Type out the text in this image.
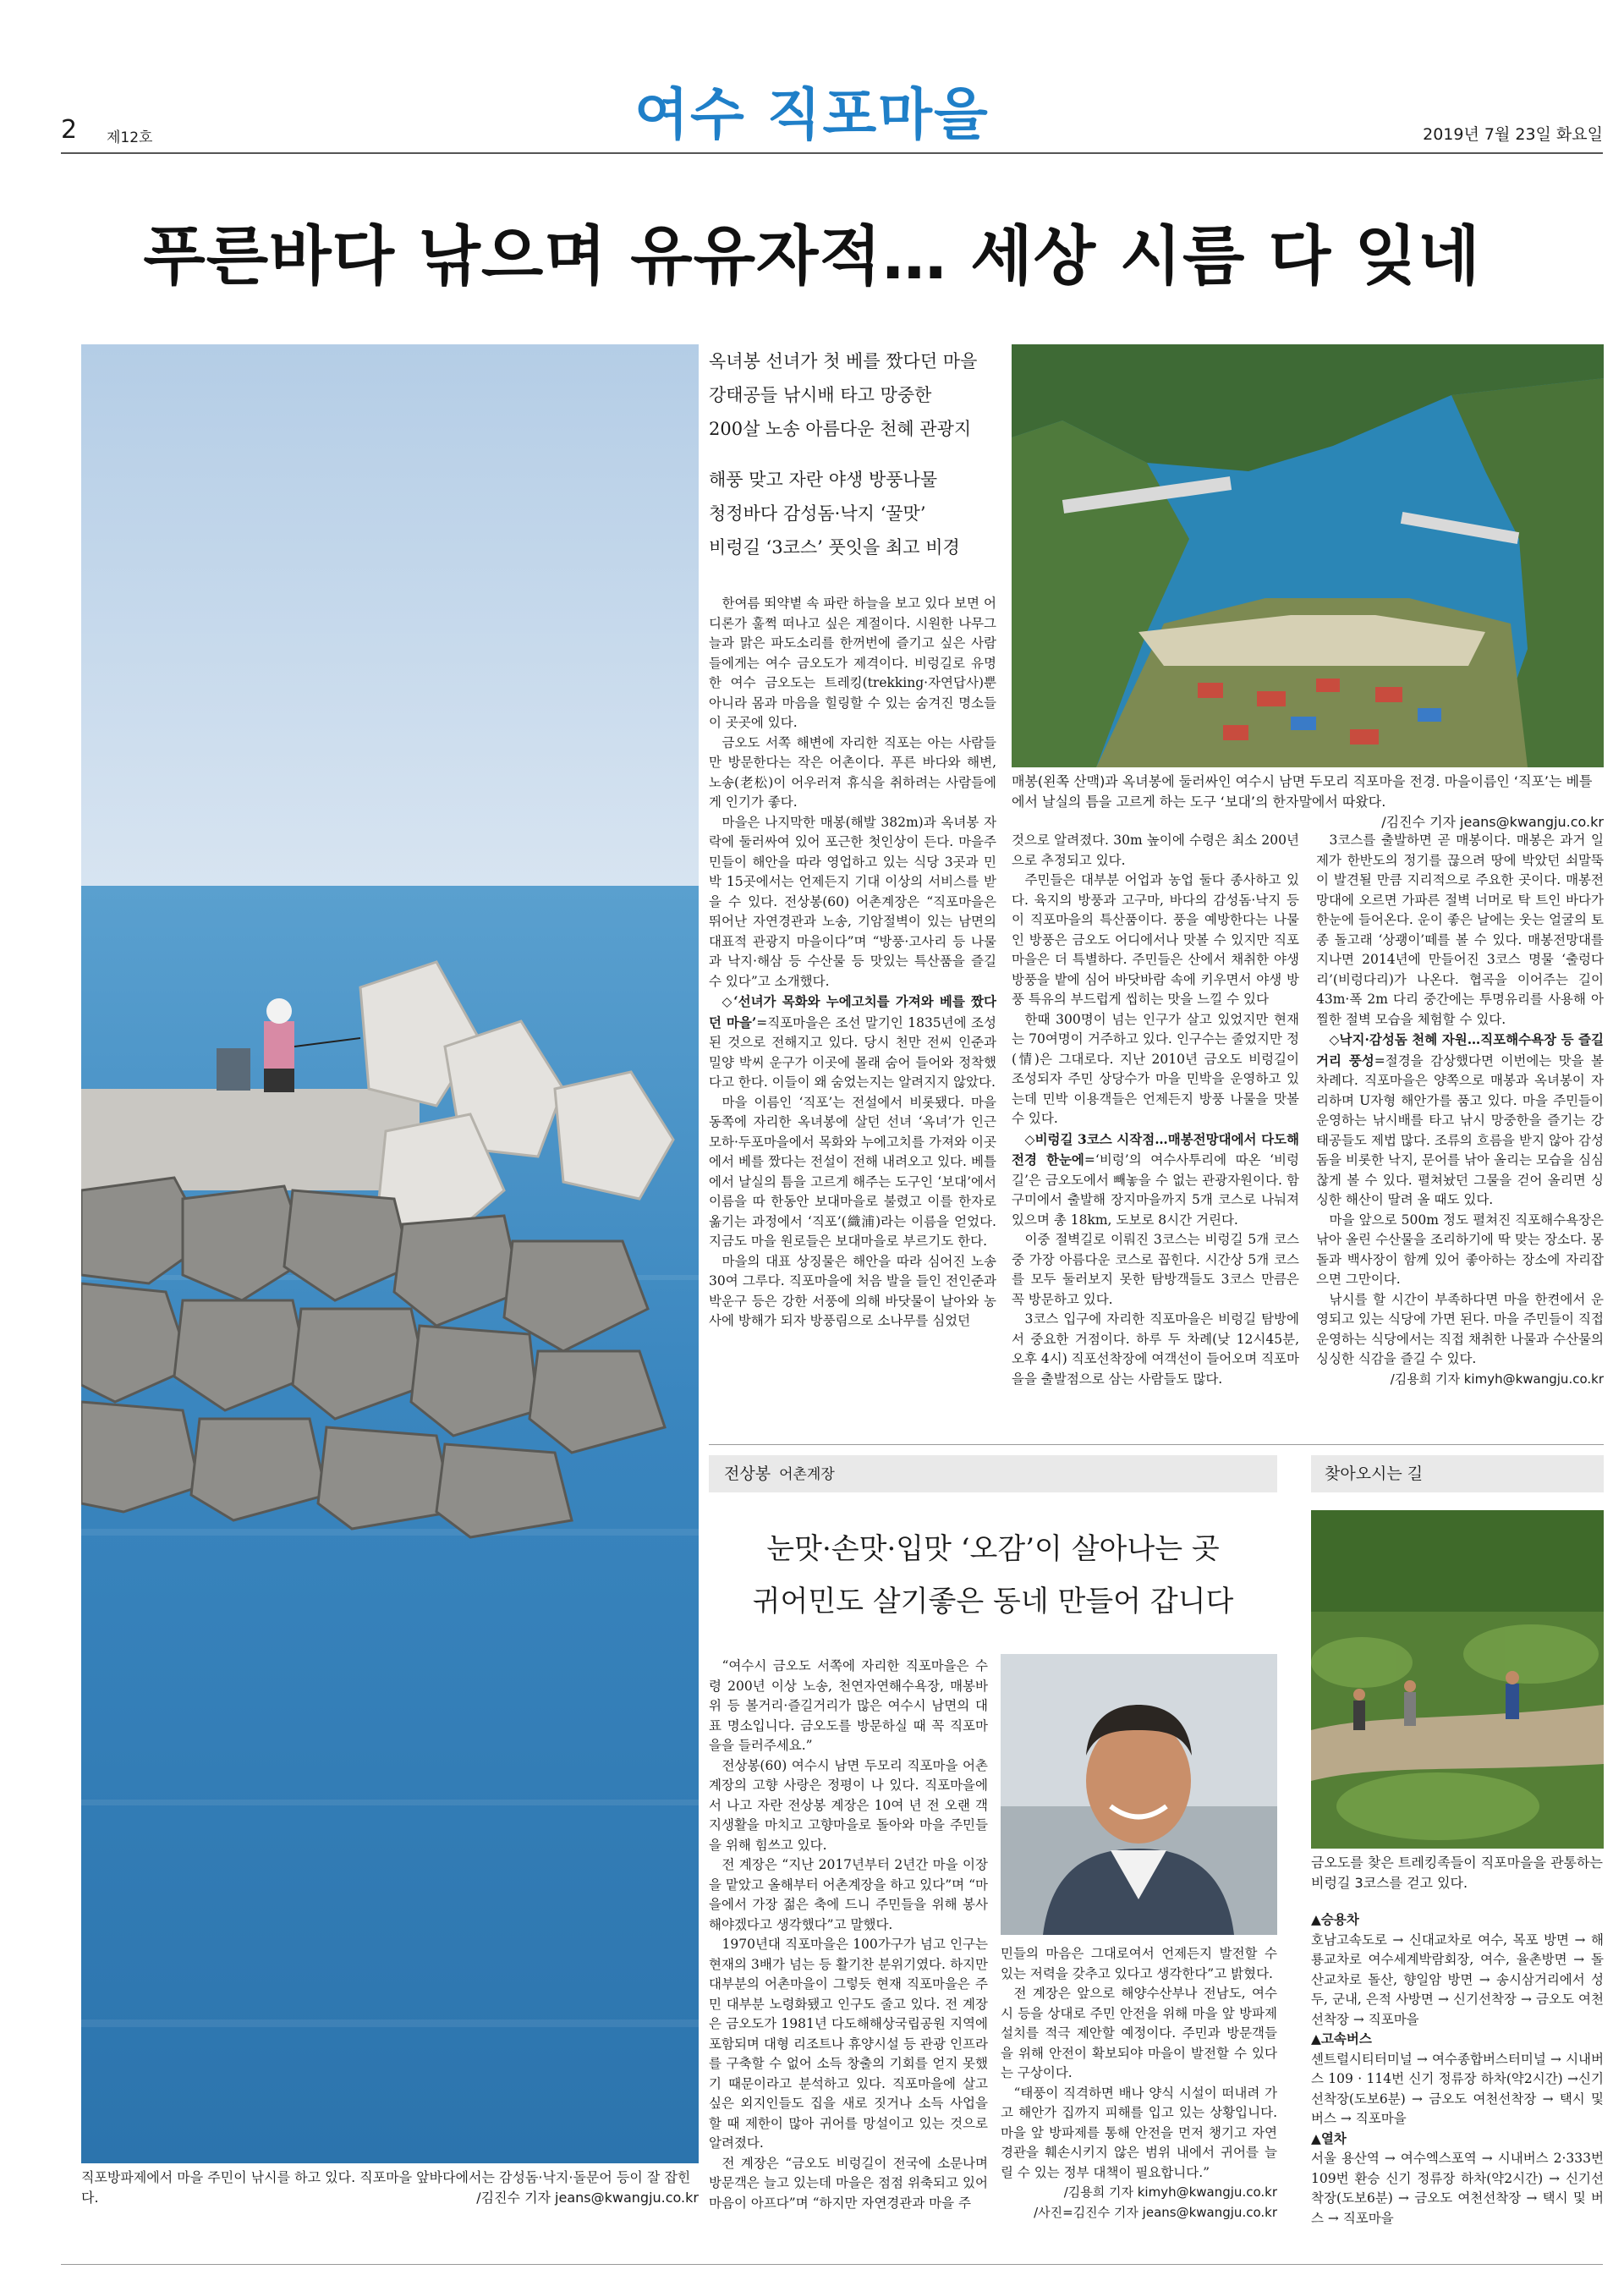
2 제12호	여수 직포마을	2019년 7월 23일 화요일
푸른바다 낚으며 유유자적… 세상 시름 다 잊네
직포방파제에서 마을 주민이 낚시를 하고 있다. 직포마을 앞바다에서는 감성돔·낙지·돌문어 등이 잘 잡힌다.	/김진수 기자 jeans@kwangju.co.kr
옥녀봉 선녀가 첫 베를 짰다던 마을
강태공들 낚시배 타고 망중한
200살 노송 아름다운 천혜 관광지
해풍 맞고 자란 야생 방풍나물
청정바다 감성돔·낙지 ‘꿀맛’
비렁길 ‘3코스’ 풋잇을 최고 비경
매봉(왼쪽 산맥)과 옥녀봉에 둘러싸인 여수시 남면 두모리 직포마을 전경. 마을이름인 ‘직포’는 베틀에서 날실의 틈을 고르게 하는 도구 ‘보대’의 한자말에서 따왔다.
/김진수 기자 jeans@kwangju.co.kr

한여름 뙤약볕 속 파란 하늘을 보고 있다 보면 어디론가 훌쩍 떠나고 싶은 계절이다. 시원한 나무그늘과 맑은 파도소리를 한꺼번에 즐기고 싶은 사람들에게는 여수 금오도가 제격이다. 비렁길로 유명한 여수 금오도는 트레킹(trekking·자연답사)뿐 아니라 몸과 마음을 힐링할 수 있는 숨겨진 명소들이 곳곳에 있다.

금오도 서쪽 해변에 자리한 직포는 아는 사람들만 방문한다는 작은 어촌이다. 푸른 바다와 해변, 노송(老松)이 어우러져 휴식을 취하려는 사람들에게 인기가 좋다.

마을은 나지막한 매봉(해발 382m)과 옥녀봉 자락에 둘러싸여 있어 포근한 첫인상이 든다. 마을주민들이 해안을 따라 영업하고 있는 식당 3곳과 민박 15곳에서는 언제든지 기대 이상의 서비스를 받을 수 있다. 전상봉(60) 어촌계장은 “직포마을은 뛰어난 자연경관과 노송, 기암절벽이 있는 남면의 대표적 관광지 마을이다”며 “방풍·고사리 등 나물과 낙지·해삼 등 수산물 등 맛있는 특산품을 즐길 수 있다”고 소개했다.

◇‘선녀가 목화와 누에고치를 가져와 베를 짰다던 마을’=직포마을은 조선 말기인 1835년에 조성된 것으로 전해지고 있다. 당시 천만 전씨 인준과 밀양 박씨 운구가 이곳에 몰래 숨어 들어와 정착했다고 한다. 이들이 왜 숨었는지는 알려지지 않았다.

마을 이름인 ‘직포’는 전설에서 비롯됐다. 마을 동쪽에 자리한 옥녀봉에 살던 선녀 ‘옥녀’가 인근 모하·두포마을에서 목화와 누에고치를 가져와 이곳에서 베를 짰다는 전설이 전해 내려오고 있다. 베틀에서 날실의 틈을 고르게 해주는 도구인 ‘보대’에서 이름을 따 한동안 보대마을로 불렸고 이를 한자로 옮기는 과정에서 ‘직포’(織浦)라는 이름을 얻었다. 지금도 마을 원로들은 보대마을로 부르기도 한다.

마을의 대표 상징물은 해안을 따라 심어진 노송 30여 그루다. 직포마을에 처음 발을 들인 전인준과 박운구 등은 강한 서풍에 의해 바닷물이 날아와 농사에 방해가 되자 방풍림으로 소나무를 심었던

것으로 알려졌다. 30m 높이에 수령은 최소 200년으로 추정되고 있다.

주민들은 대부분 어업과 농업 둘다 종사하고 있다. 육지의 방풍과 고구마, 바다의 감성돔·낙지 등이 직포마을의 특산품이다. 풍을 예방한다는 나물인 방풍은 금오도 어디에서나 맛볼 수 있지만 직포마을은 더 특별하다. 주민들은 산에서 채취한 야생 방풍을 밭에 심어 바닷바람 속에 키우면서 야생 방풍 특유의 부드럽게 씹히는 맛을 느낄 수 있다

한때 300명이 넘는 인구가 살고 있었지만 현재는 70여명이 거주하고 있다. 인구수는 줄었지만 정(情)은 그대로다. 지난 2010년 금오도 비렁길이 조성되자 주민 상당수가 마을 민박을 운영하고 있는데 민박 이용객들은 언제든지 방풍 나물을 맛볼 수 있다.

◇비렁길 3코스 시작점…매봉전망대에서 다도해 전경 한눈에=‘비렁’의 여수사투리에 따온 ‘비렁길’은 금오도에서 빼놓을 수 없는 관광자원이다. 함구미에서 출발해 장지마을까지 5개 코스로 나눠져 있으며 총 18km, 도보로 8시간 거린다.

이중 절벽길로 이뤄진 3코스는 비렁길 5개 코스 중 가장 아름다운 코스로 꼽힌다. 시간상 5개 코스를 모두 둘러보지 못한 탐방객들도 3코스 만큼은 꼭 방문하고 있다.

3코스 입구에 자리한 직포마을은 비렁길 탐방에서 중요한 거점이다. 하루 두 차례(낮 12시45분, 오후 4시) 직포선착장에 여객선이 들어오며 직포마을을 출발점으로 삼는 사람들도 많다.

3코스를 출발하면 곧 매봉이다. 매봉은 과거 일제가 한반도의 정기를 끊으려 땅에 박았던 쇠말뚝이 발견될 만큼 지리적으로 주요한 곳이다. 매봉전망대에 오르면 가파른 절벽 너머로 탁 트인 바다가 한눈에 들어온다. 운이 좋은 날에는 웃는 얼굴의 토종 돌고래 ‘상괭이’떼를 볼 수 있다. 매봉전망대를 지나면 2014년에 만들어진 3코스 명물 ‘출렁다리’(비렁다리)가 나온다. 협곡을 이어주는 길이 43m·폭 2m 다리 중간에는 투명유리를 사용해 아찔한 절벽 모습을 체험할 수 있다.

◇낙지·감성돔 천혜 자원…직포해수욕장 등 즐길거리 풍성=절경을 감상했다면 이번에는 맛을 볼 차례다. 직포마을은 양쪽으로 매봉과 옥녀봉이 자리하며 U자형 해안가를 품고 있다. 마을 주민들이 운영하는 낚시배를 타고 낚시 망중한을 즐기는 강태공들도 제법 많다. 조류의 흐름을 받지 않아 감성돔을 비롯한 낙지, 문어를 낚아 올리는 모습을 심심찮게 볼 수 있다. 펼쳐놨던 그물을 걷어 올리면 싱싱한 해산이 딸려 올 때도 있다.

마을 앞으로 500m 정도 펼쳐진 직포해수욕장은 낚아 올린 수산물을 조리하기에 딱 맞는 장소다. 몽돌과 백사장이 함께 있어 좋아하는 장소에 자리잡으면 그만이다.

낚시를 할 시간이 부족하다면 마을 한켠에서 운영되고 있는 식당에 가면 된다. 마을 주민들이 직접 운영하는 식당에서는 직접 채취한 나물과 수산물의 싱싱한 식감을 즐길 수 있다.

/김용희 기자 kimyh@kwangju.co.kr
전상봉 어촌계장
눈맛·손맛·입맛 ‘오감’이 살아나는 곳
귀어민도 살기좋은 동네 만들어 갑니다

“여수시 금오도 서쪽에 자리한 직포마을은 수령 200년 이상 노송, 천연자연해수욕장, 매봉바위 등 볼거리·즐길거리가 많은 여수시 남면의 대표 명소입니다. 금오도를 방문하실 때 꼭 직포마을을 들러주세요.”

전상봉(60) 여수시 남면 두모리 직포마을 어촌계장의 고향 사랑은 정평이 나 있다. 직포마을에서 나고 자란 전상봉 계장은 10여 년 전 오랜 객지생활을 마치고 고향마을로 돌아와 마을 주민들을 위해 힘쓰고 있다.

전 계장은 “지난 2017년부터 2년간 마을 이장을 맡았고 올해부터 어촌계장을 하고 있다”며 “마을에서 가장 젊은 축에 드니 주민들을 위해 봉사해야겠다고 생각했다”고 말했다.

1970년대 직포마을은 100가구가 넘고 인구는 현재의 3배가 넘는 등 활기찬 분위기였다. 하지만 대부분의 어촌마을이 그렇듯 현재 직포마을은 주민 대부분 노령화됐고 인구도 줄고 있다. 전 계장은 금오도가 1981년 다도해해상국립공원 지역에 포함되며 대형 리조트나 휴양시설 등 관광 인프라를 구축할 수 없어 소득 창출의 기회를 얻지 못했기 때문이라고 분석하고 있다. 직포마을에 살고 싶은 외지인들도 집을 새로 짓거나 소득 사업을 할 때 제한이 많아 귀어를 망설이고 있는 것으로 알려졌다.

전 계장은 “금오도 비렁길이 전국에 소문나며 방문객은 늘고 있는데 마을은 점점 위축되고 있어 마음이 아프다”며 “하지만 자연경관과 마을 주

민들의 마음은 그대로여서 언제든지 발전할 수 있는 저력을 갖추고 있다고 생각한다”고 밝혔다.

전 계장은 앞으로 해양수산부나 전남도, 여수시 등을 상대로 주민 안전을 위해 마을 앞 방파제 설치를 적극 제안할 예정이다. 주민과 방문객들을 위해 안전이 확보되야 마을이 발전할 수 있다는 구상이다.

“태풍이 직격하면 배나 양식 시설이 떠내려 가고 해안가 집까지 피해를 입고 있는 상황입니다. 마을 앞 방파제를 통해 안전을 먼저 챙기고 자연경관을 훼손시키지 않은 범위 내에서 귀어를 늘릴 수 있는 정부 대책이 필요합니다.”

/김용희 기자 kimyh@kwangju.co.kr
/사진=김진수 기자 jeans@kwangju.co.kr
찾아오시는 길
금오도를 찾은 트레킹족들이 직포마을을 관통하는 비렁길 3코스를 걷고 있다.
▲승용차
호남고속도로 → 신대교차로 여수, 목포 방면 → 해룡교차로 여수세계박람회장, 여수, 율촌방면 → 돌산교차로 돌산, 향일암 방면 → 송시삼거리에서 성두, 군내, 은적 사방면 → 신기선착장 → 금오도 여천선착장 → 직포마을
▲고속버스
센트럴시티터미널 → 여수종합버스터미널 → 시내버스 109 · 114번 신기 정류장 하차(약2시간) →신기선착장(도보6분) → 금오도 여천선착장 → 택시 및 버스 → 직포마을
▲열차
서울 용산역 → 여수엑스포역 → 시내버스 2·333번 109번 환승 신기 정류장 하차(약2시간) → 신기선착장(도보6분) → 금오도 여천선착장 → 택시 및 버스 → 직포마을
